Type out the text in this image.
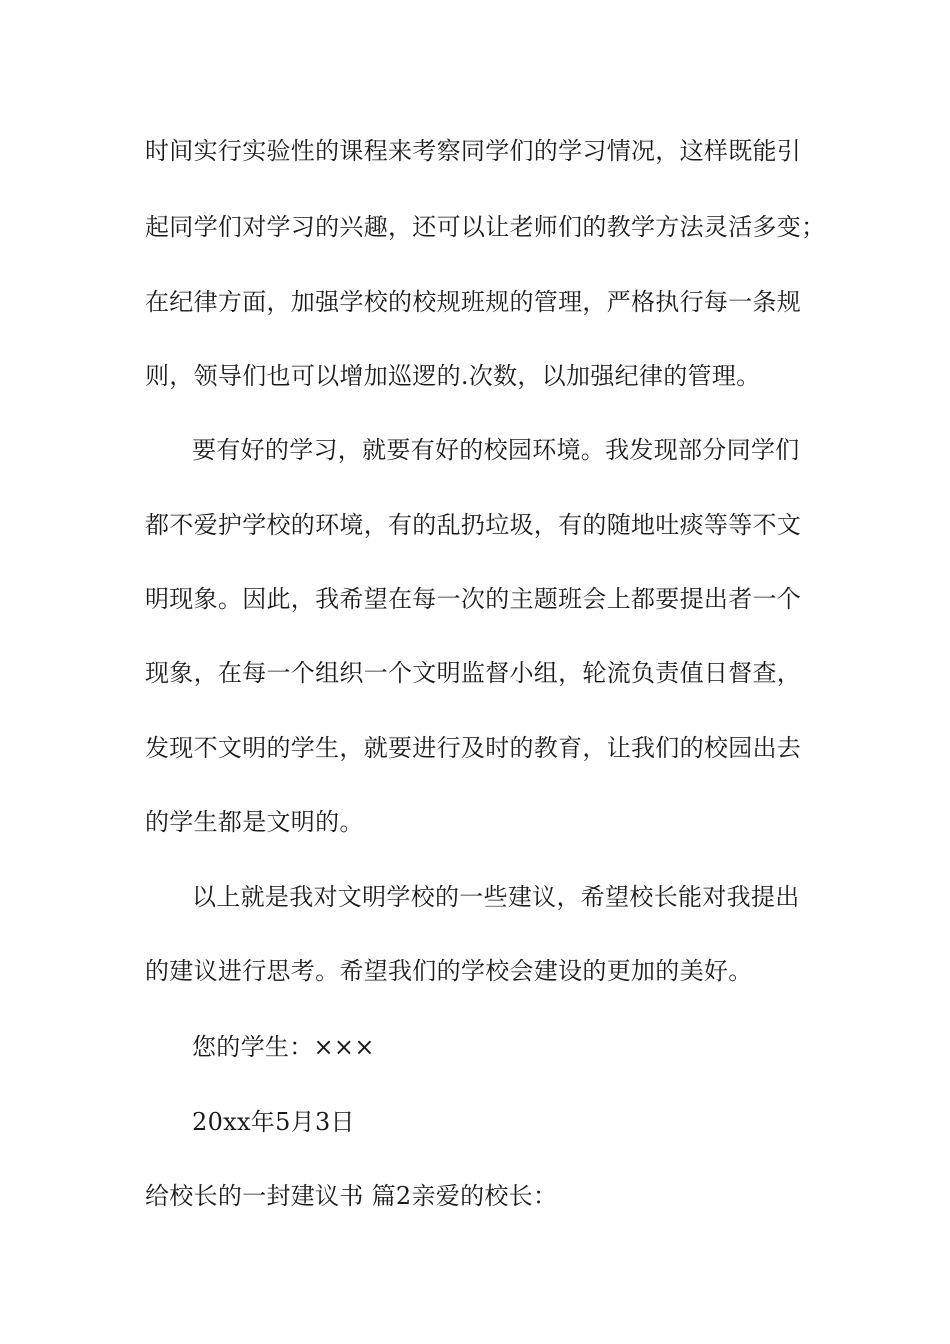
时间实行实验性的课程来考察同学们的学习情况，这样既能引
起同学们对学习的兴趣，还可以让老师们的教学方法灵活多变；
在纪律方面，加强学校的校规班规的管理，严格执行每一条规
则，领导们也可以增加巡逻的.次数，以加强纪律的管理。
要有好的学习，就要有好的校园环境。我发现部分同学们
都不爱护学校的环境，有的乱扔垃圾，有的随地吐痰等等不文
明现象。因此，我希望在每一次的主题班会上都要提出者一个
现象，在每一个组织一个文明监督小组，轮流负责值日督查，
发现不文明的学生，就要进行及时的教育，让我们的校园出去
的学生都是文明的。
以上就是我对文明学校的一些建议，希望校长能对我提出
的建议进行思考。希望我们的学校会建设的更加的美好。
您的学生：×××
20xx年5月3日
给校长的一封建议书 篇2亲爱的校长：
